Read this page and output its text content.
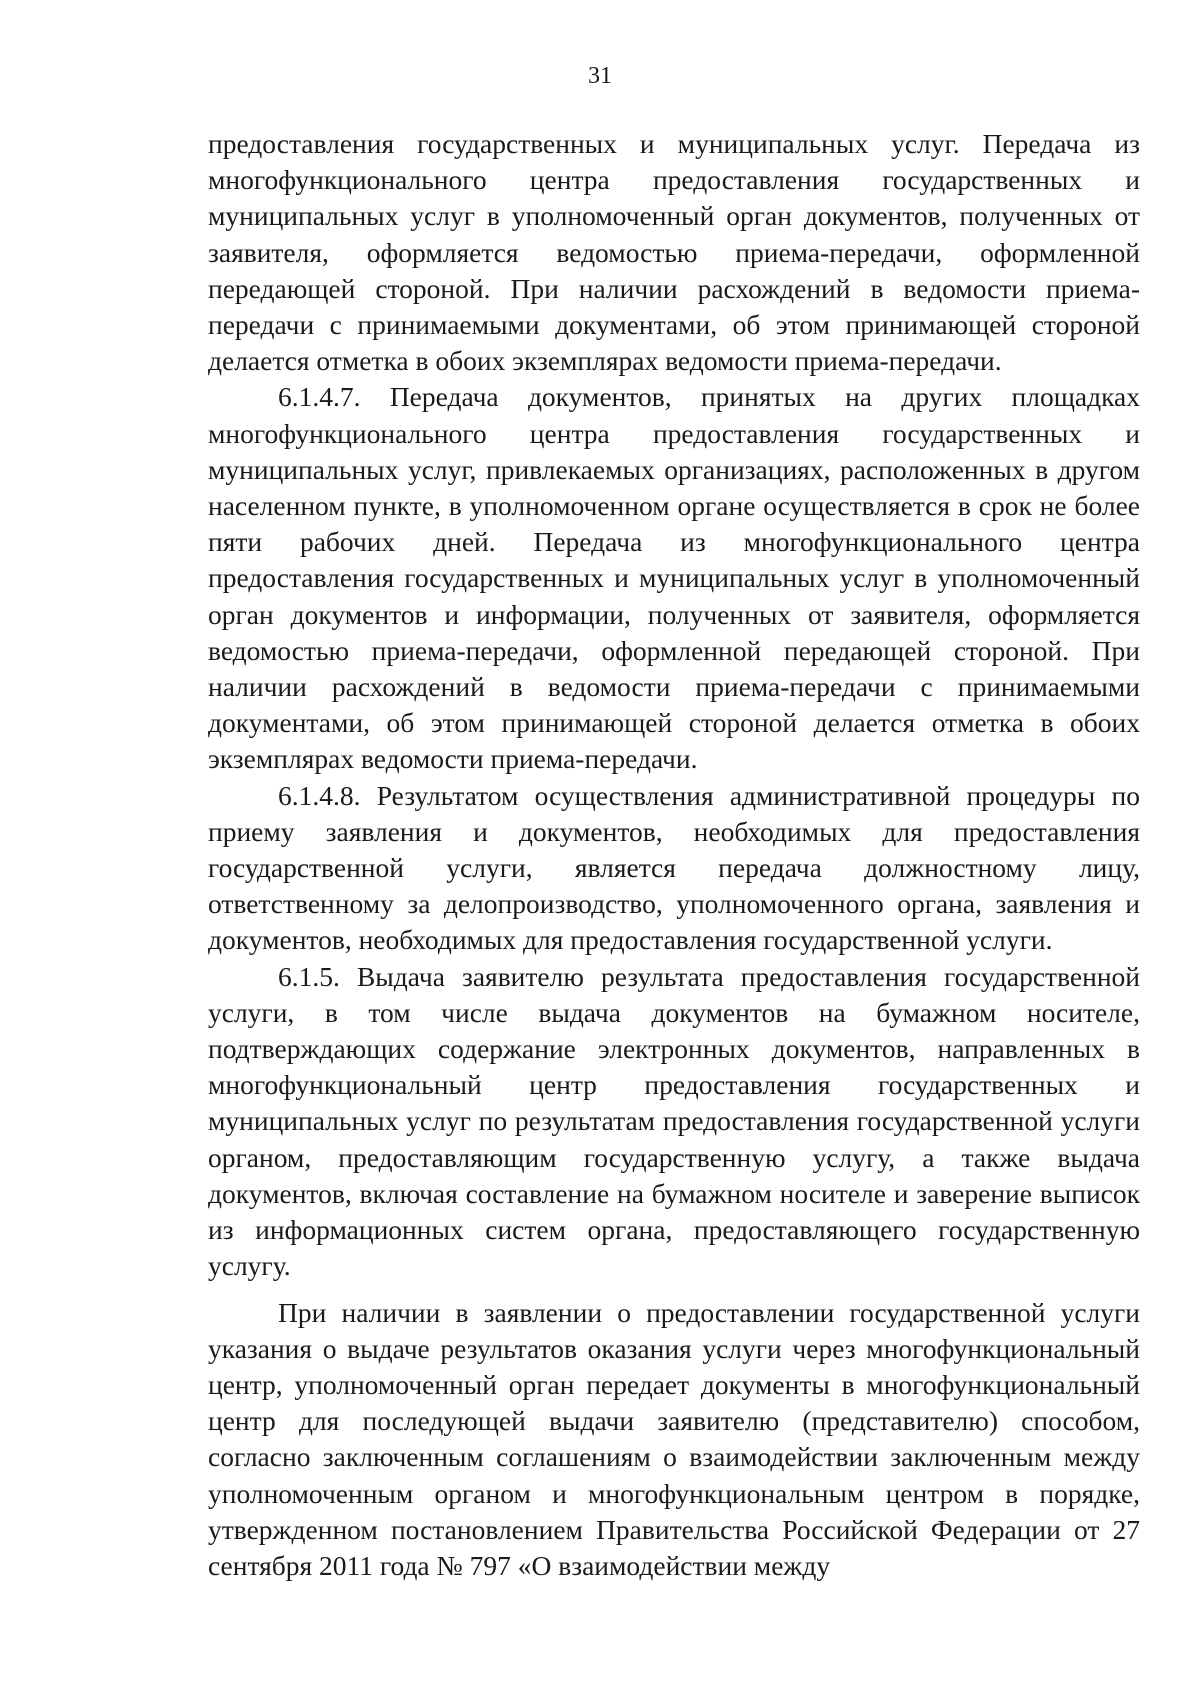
31

предоставления государственных и муниципальных услуг. Передача из многофункционального центра предоставления государственных и муниципальных услуг в уполномоченный орган документов, полученных от заявителя, оформляется ведомостью приема-передачи, оформленной передающей стороной. При наличии расхождений в ведомости приема-передачи с принимаемыми документами, об этом принимающей стороной делается отметка в обоих экземплярах ведомости приема-передачи.

6.1.4.7. Передача документов, принятых на других площадках многофункционального центра предоставления государственных и муниципальных услуг, привлекаемых организациях, расположенных в другом населенном пункте, в уполномоченном органе осуществляется в срок не более пяти рабочих дней. Передача из многофункционального центра предоставления государственных и муниципальных услуг в уполномоченный орган документов и информации, полученных от заявителя, оформляется ведомостью приема-передачи, оформленной передающей стороной. При наличии расхождений в ведомости приема-передачи с принимаемыми документами, об этом принимающей стороной делается отметка в обоих экземплярах ведомости приема-передачи.

6.1.4.8. Результатом осуществления административной процедуры по приему заявления и документов, необходимых для предоставления государственной услуги, является передача должностному лицу, ответственному за делопроизводство, уполномоченного органа, заявления и документов, необходимых для предоставления государственной услуги.

6.1.5. Выдача заявителю результата предоставления государственной услуги, в том числе выдача документов на бумажном носителе, подтверждающих содержание электронных документов, направленных в многофункциональный центр предоставления государственных и муниципальных услуг по результатам предоставления государственной услуги органом, предоставляющим государственную услугу, а также выдача документов, включая составление на бумажном носителе и заверение выписок из информационных систем органа, предоставляющего государственную услугу.

При наличии в заявлении о предоставлении государственной услуги указания о выдаче результатов оказания услуги через многофункциональный центр, уполномоченный орган передает документы в многофункциональный центр для последующей выдачи заявителю (представителю) способом, согласно заключенным соглашениям о взаимодействии заключенным между уполномоченным органом и многофункциональным центром в порядке, утвержденном постановлением Правительства Российской Федерации от 27 сентября 2011 года № 797 «О взаимодействии между
